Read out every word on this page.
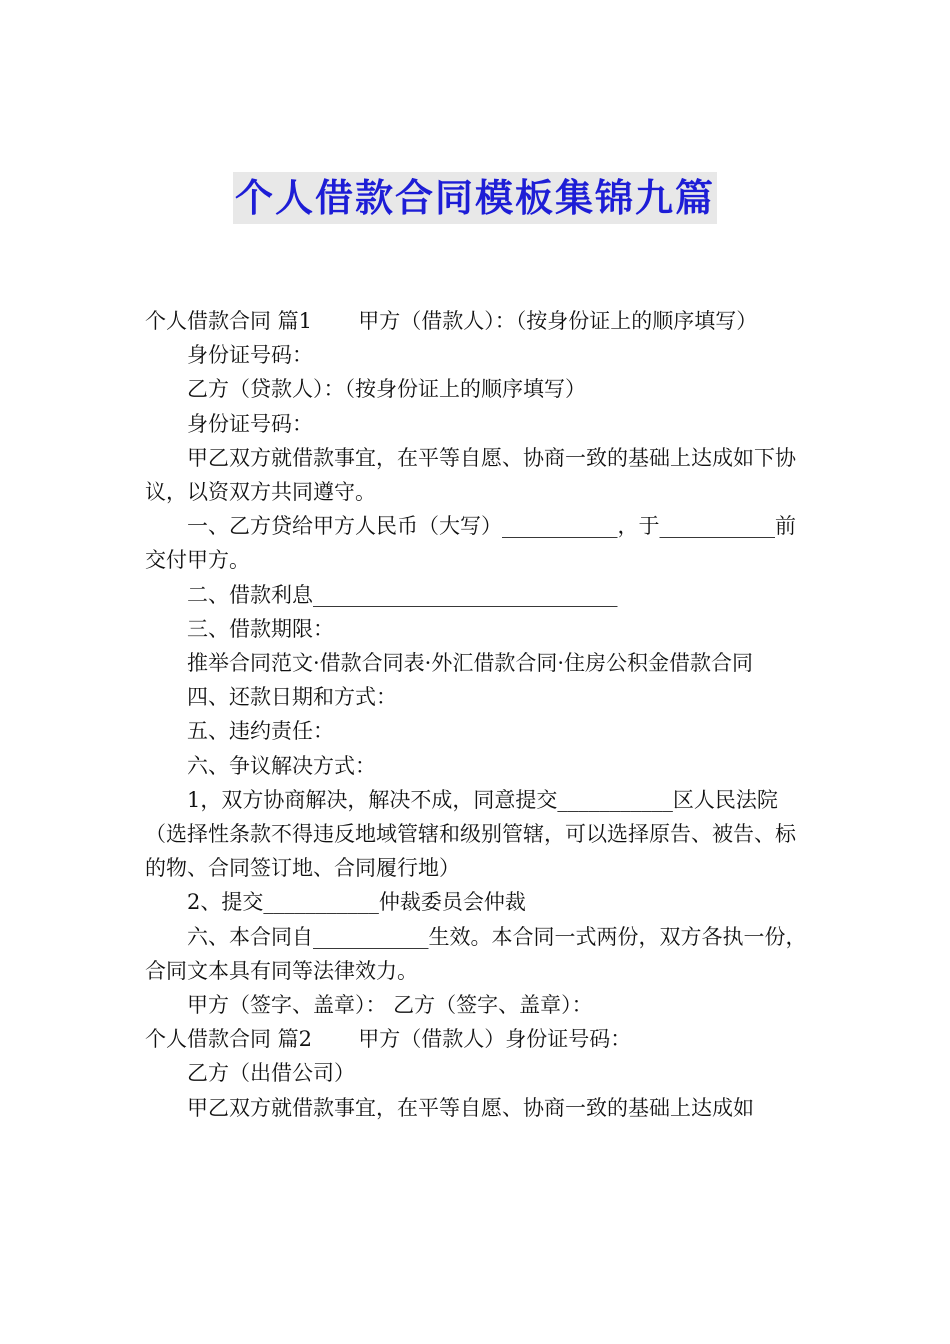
个人借款合同模板集锦九篇

个人借款合同 篇1 甲方（借款人）：（按身份证上的顺序填写）

身份证号码：

乙方（贷款人）：（按身份证上的顺序填写）

身份证号码：

甲乙双方就借款事宜，在平等自愿、协商一致的基础上达成如下协议，以资双方共同遵守。

一、乙方贷给甲方人民币（大写）___________，于___________前交付甲方。

二、借款利息_____________________________

三、借款期限：

推举合同范文·借款合同表·外汇借款合同·住房公积金借款合同

四、还款日期和方式：

五、违约责任：

六、争议解决方式：

1，双方协商解决，解决不成，同意提交___________区人民法院（选择性条款不得违反地域管辖和级别管辖，可以选择原告、被告、标的物、合同签订地、合同履行地）

2、提交___________仲裁委员会仲裁

六、本合同自___________生效。本合同一式两份，双方各执一份，合同文本具有同等法律效力。

甲方（签字、盖章）： 乙方（签字、盖章）：

个人借款合同 篇2 甲方（借款人）身份证号码：

乙方（出借公司）

甲乙双方就借款事宜，在平等自愿、协商一致的基础上达成如
